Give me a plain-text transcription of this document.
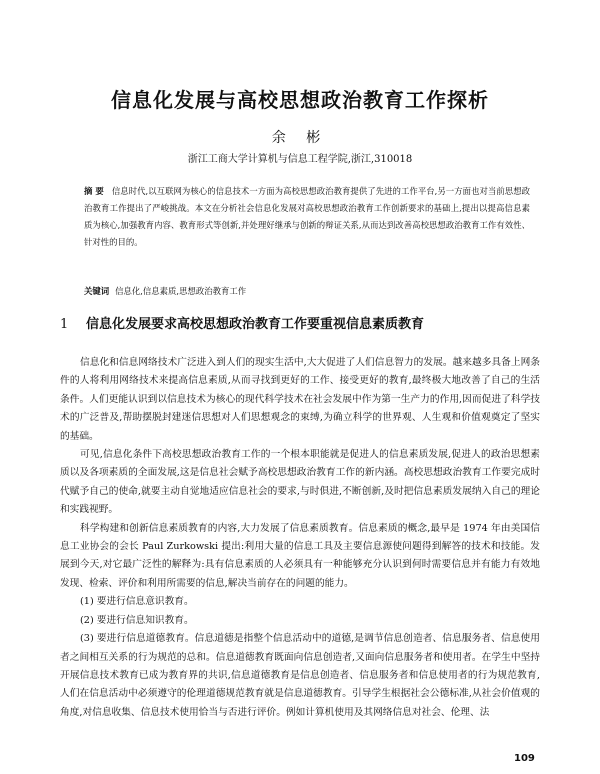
信息化发展与高校思想政治教育工作探析
余 彬
浙江工商大学计算机与信息工程学院,浙江,310018

摘 要 信息时代,以互联网为核心的信息技术一方面为高校思想政治教育提供了先进的工作平台,另一方面也对当前思想政治教育工作提出了严峻挑战。本文在分析社会信息化发展对高校思想政治教育工作创新要求的基础上,提出以提高信息素质为核心,加强教育内容、教育形式等创新,并处理好继承与创新的辩证关系,从而达到改善高校思想政治教育工作有效性、针对性的目的。

关键词 信息化,信息素质,思想政治教育工作

1 信息化发展要求高校思想政治教育工作要重视信息素质教育

信息化和信息网络技术广泛进入到人们的现实生活中,大大促进了人们信息智力的发展。越来越多具备上网条件的人将利用网络技术来提高信息素质,从而寻找到更好的工作、接受更好的教育,最终极大地改善了自己的生活条件。人们更能认识到以信息技术为核心的现代科学技术在社会发展中作为第一生产力的作用,因而促进了科学技术的广泛普及,帮助摆脱封建迷信思想对人们思想观念的束缚,为确立科学的世界观、人生观和价值观奠定了坚实的基础。

可见,信息化条件下高校思想政治教育工作的一个根本职能就是促进人的信息素质发展,促进人的政治思想素质以及各项素质的全面发展,这是信息社会赋予高校思想政治教育工作的新内涵。高校思想政治教育工作要完成时代赋予自己的使命,就要主动自觉地适应信息社会的要求,与时俱进,不断创新,及时把信息素质发展纳入自己的理论和实践视野。

科学构建和创新信息素质教育的内容,大力发展了信息素质教育。信息素质的概念,最早是 1974 年由美国信息工业协会的会长 Paul Zurkowski 提出:利用大量的信息工具及主要信息源使问题得到解答的技术和技能。发展到今天,对它最广泛性的解释为:具有信息素质的人必须具有一种能够充分认识到何时需要信息并有能力有效地发现、检索、评价和利用所需要的信息,解决当前存在的问题的能力。

(1) 要进行信息意识教育。

(2) 要进行信息知识教育。

(3) 要进行信息道德教育。信息道德是指整个信息活动中的道德,是调节信息创造者、信息服务者、信息使用者之间相互关系的行为规范的总和。信息道德教育既面向信息创造者,又面向信息服务者和使用者。在学生中坚持开展信息技术教育已成为教育界的共识,信息道德教育是信息创造者、信息服务者和信息使用者的行为规范教育,人们在信息活动中必须遵守的伦理道德规范教育就是信息道德教育。引导学生根据社会公德标准,从社会价值观的角度,对信息收集、信息技术使用恰当与否进行评价。例如计算机使用及其网络信息对社会、伦理、法

109
